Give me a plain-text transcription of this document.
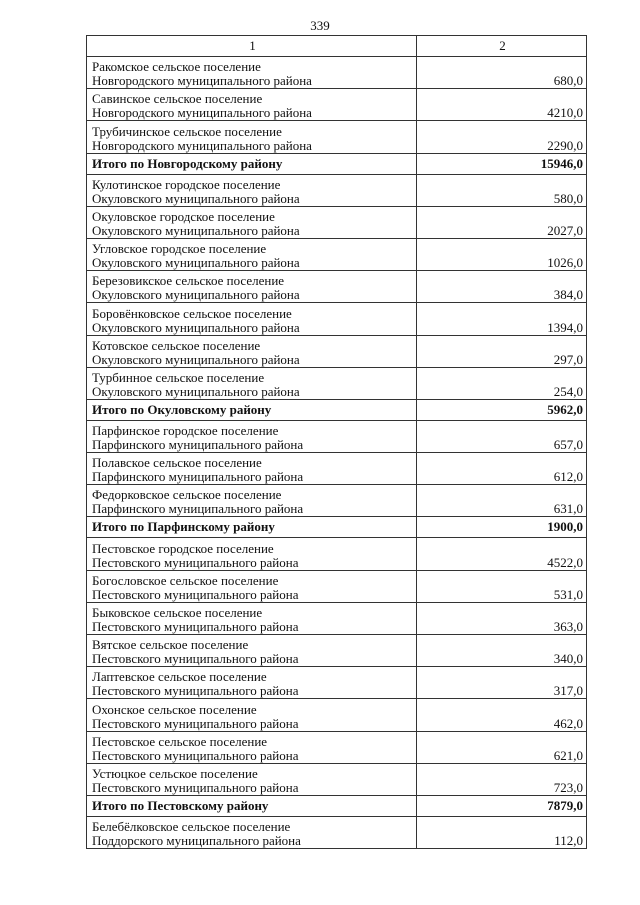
339
1	2

Ракомское сельское поселение
Новгородского муниципального района	680,0

Савинское сельское поселение
Новгородского муниципального района	4210,0

Трубичинское сельское поселение
Новгородского муниципального района	2290,0
Итого по Новгородскому району	15946,0

Кулотинское городское поселение
Окуловского муниципального района	580,0

Окуловское городское поселение
Окуловского муниципального района	2027,0

Угловское городское поселение
Окуловского муниципального района	1026,0

Березовикское сельское поселение
Окуловского муниципального района	384,0

Боровёнковское сельское поселение
Окуловского муниципального района	1394,0

Котовское сельское поселение
Окуловского муниципального района	297,0

Турбинное сельское поселение
Окуловского муниципального района	254,0
Итого по Окуловскому району	5962,0

Парфинское городское поселение
Парфинского муниципального района	657,0

Полавское сельское поселение
Парфинского муниципального района	612,0

Федорковское сельское поселение
Парфинского муниципального района	631,0
Итого по Парфинскому району	1900,0

Пестовское городское поселение
Пестовского муниципального района	4522,0

Богословское сельское поселение
Пестовского муниципального района	531,0

Быковское сельское поселение
Пестовского муниципального района	363,0

Вятское сельское поселение
Пестовского муниципального района	340,0

Лаптевское сельское поселение
Пестовского муниципального района	317,0

Охонское сельское поселение
Пестовского муниципального района	462,0

Пестовское сельское поселение
Пестовского муниципального района	621,0

Устюцкое сельское поселение
Пестовского муниципального района	723,0
Итого по Пестовскому району	7879,0

Белебёлковское сельское поселение
Поддорского муниципального района	112,0
